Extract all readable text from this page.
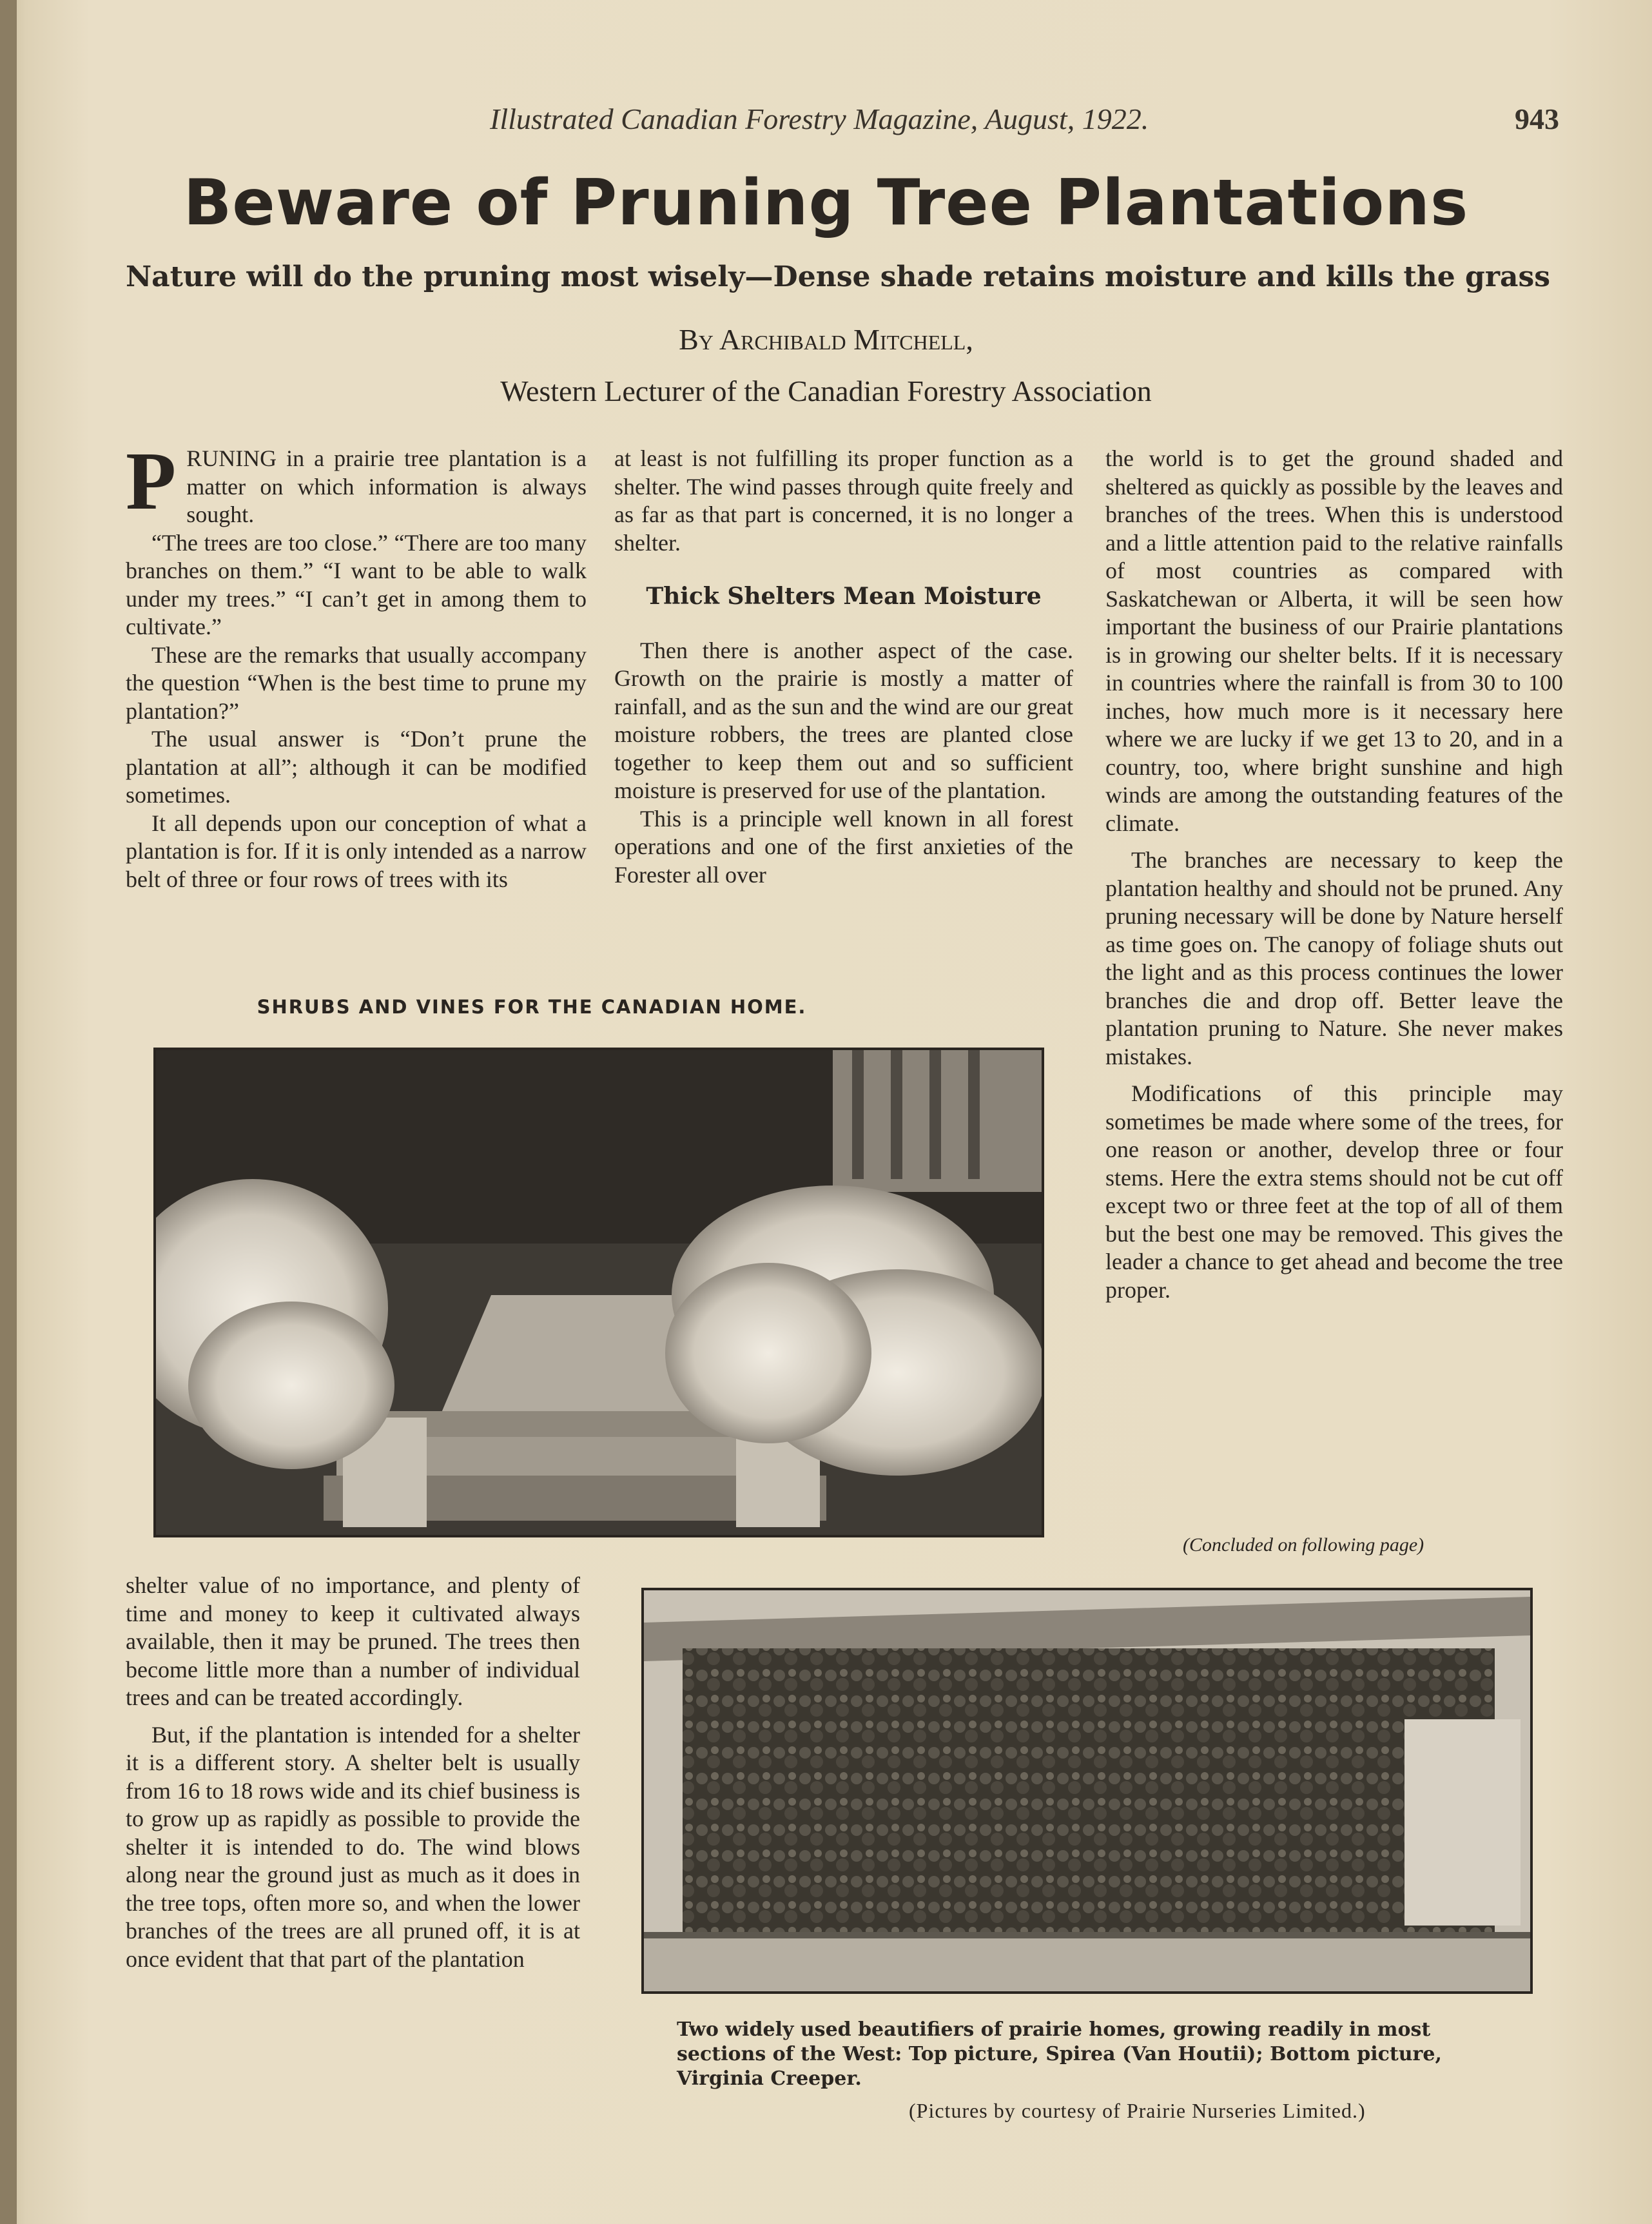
Illustrated Canadian Forestry Magazine, August, 1922.	943
Beware of Pruning Tree Plantations
Nature will do the pruning most wisely—Dense shade retains moisture and kills the grass
By Archibald Mitchell,
Western Lecturer of the Canadian Forestry Association

PRUNING in a prairie tree plantation is a matter on which information is always sought.

“The trees are too close.” “There are too many branches on them.” “I want to be able to walk under my trees.” “I can’t get in among them to cultivate.”

These are the remarks that usually accompany the question “When is the best time to prune my plantation?”

The usual answer is “Don’t prune the plantation at all”; although it can be modified sometimes.

It all depends upon our conception of what a plantation is for. If it is only intended as a narrow belt of three or four rows of trees with its

at least is not fulfilling its proper function as a shelter. The wind passes through quite freely and as far as that part is concerned, it is no longer a shelter.

Thick Shelters Mean Moisture

Then there is another aspect of the case. Growth on the prairie is mostly a matter of rainfall, and as the sun and the wind are our great moisture robbers, the trees are planted close together to keep them out and so sufficient moisture is preserved for use of the plantation.

This is a principle well known in all forest operations and one of the first anxieties of the Forester all over

the world is to get the ground shaded and sheltered as quickly as possible by the leaves and branches of the trees. When this is understood and a little attention paid to the relative rainfalls of most countries as compared with Saskatchewan or Alberta, it will be seen how important the business of our Prairie plantations is in growing our shelter belts. If it is necessary in countries where the rainfall is from 30 to 100 inches, how much more is it necessary here where we are lucky if we get 13 to 20, and in a country, too, where bright sunshine and high winds are among the outstanding features of the climate.

The branches are necessary to keep the plantation healthy and should not be pruned. Any pruning necessary will be done by Nature herself as time goes on. The canopy of foliage shuts out the light and as this process continues the lower branches die and drop off. Better leave the plantation pruning to Nature. She never makes mistakes.

Modifications of this principle may sometimes be made where some of the trees, for one reason or another, develop three or four stems. Here the extra stems should not be cut off except two or three feet at the top of all of them but the best one may be removed. This gives the leader a chance to get ahead and become the tree proper.

SHRUBS AND VINES FOR THE CANADIAN HOME.
(Concluded on following page)

shelter value of no importance, and plenty of time and money to keep it cultivated always available, then it may be pruned. The trees then become little more than a number of individual trees and can be treated accordingly.

But, if the plantation is intended for a shelter it is a different story. A shelter belt is usually from 16 to 18 rows wide and its chief business is to grow up as rapidly as possible to provide the shelter it is intended to do. The wind blows along near the ground just as much as it does in the tree tops, often more so, and when the lower branches of the trees are all pruned off, it is at once evident that that part of the plantation

Two widely used beautifiers of prairie homes, growing readily in most sections of the West: Top picture, Spirea (Van Houtii); Bottom picture, Virginia Creeper.
(Pictures by courtesy of Prairie Nurseries Limited.)
